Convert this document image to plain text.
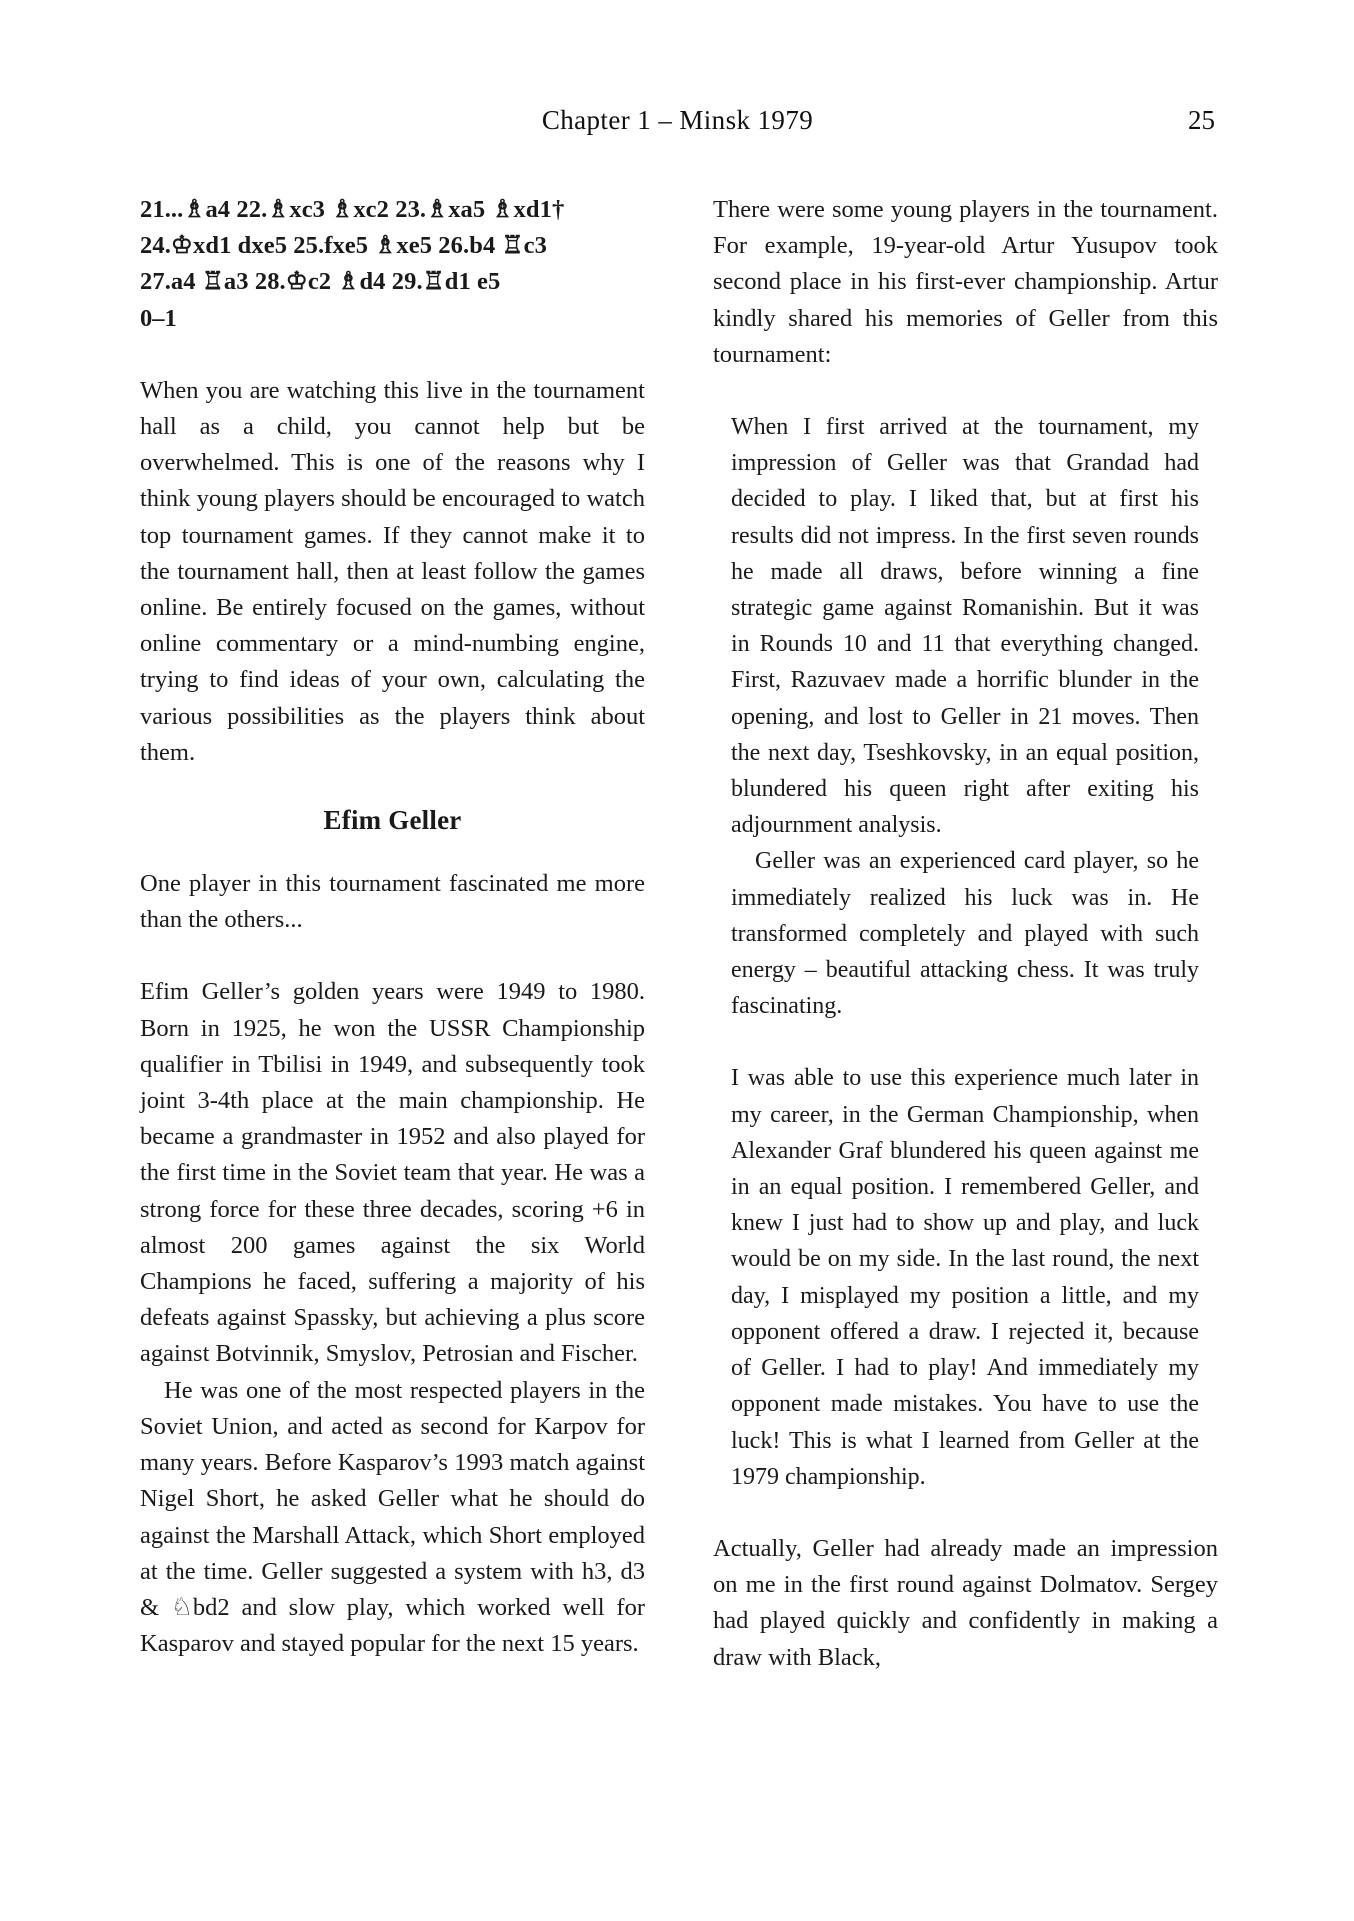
Chapter 1 – Minsk 1979	25
21...♗a4 22.♗xc3 ♗xc2 23.♗xa5 ♗xd1†
24.♔xd1 dxe5 25.fxe5 ♗xe5 26.b4 ♖c3
27.a4 ♖a3 28.♔c2 ♗d4 29.♖d1 e5
0–1

When you are watching this live in the tournament hall as a child, you cannot help but be overwhelmed. This is one of the reasons why I think young players should be encouraged to watch top tournament games. If they cannot make it to the tournament hall, then at least follow the games online. Be entirely focused on the games, without online commentary or a mind-numbing engine, trying to find ideas of your own, calculating the various possibilities as the players think about them.

Efim Geller

One player in this tournament fascinated me more than the others...

Efim Geller’s golden years were 1949 to 1980. Born in 1925, he won the USSR Championship qualifier in Tbilisi in 1949, and subsequently took joint 3-4th place at the main championship. He became a grandmaster in 1952 and also played for the first time in the Soviet team that year. He was a strong force for these three decades, scoring +6 in almost 200 games against the six World Champions he faced, suffering a majority of his defeats against Spassky, but achieving a plus score against Botvinnik, Smyslov, Petrosian and Fischer.

He was one of the most respected players in the Soviet Union, and acted as second for Karpov for many years. Before Kasparov’s 1993 match against Nigel Short, he asked Geller what he should do against the Marshall Attack, which Short employed at the time. Geller suggested a system with h3, d3 & ♘bd2 and slow play, which worked well for Kasparov and stayed popular for the next 15 years.

There were some young players in the tournament. For example, 19-year-old Artur Yusupov took second place in his first-ever championship. Artur kindly shared his memories of Geller from this tournament:

When I first arrived at the tournament, my impression of Geller was that Grandad had decided to play. I liked that, but at first his results did not impress. In the first seven rounds he made all draws, before winning a fine strategic game against Romanishin. But it was in Rounds 10 and 11 that everything changed. First, Razuvaev made a horrific blunder in the opening, and lost to Geller in 21 moves. Then the next day, Tseshkovsky, in an equal position, blundered his queen right after exiting his adjournment analysis.

Geller was an experienced card player, so he immediately realized his luck was in. He transformed completely and played with such energy – beautiful attacking chess. It was truly fascinating.

I was able to use this experience much later in my career, in the German Championship, when Alexander Graf blundered his queen against me in an equal position. I remembered Geller, and knew I just had to show up and play, and luck would be on my side. In the last round, the next day, I misplayed my position a little, and my opponent offered a draw. I rejected it, because of Geller. I had to play! And immediately my opponent made mistakes. You have to use the luck! This is what I learned from Geller at the 1979 championship.

Actually, Geller had already made an impression on me in the first round against Dolmatov. Sergey had played quickly and confidently in making a draw with Black,
